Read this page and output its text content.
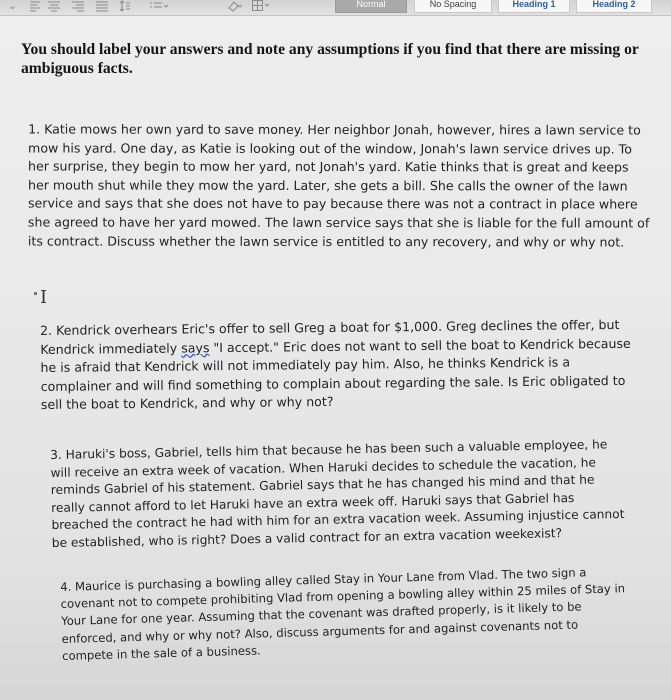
⌄	Normal	No Spacing	Heading 1	Heading 2

You should label your answers and note any assumptions if you find that there are missing or ambiguous facts.

1. Katie mows her own yard to save money. Her neighbor Jonah, however, hires a lawn service to mow his yard. One day, as Katie is looking out of the window, Jonah's lawn service drives up. To her surprise, they begin to mow her yard, not Jonah's yard. Katie thinks that is great and keeps her mouth shut while they mow the yard. Later, she gets a bill. She calls the owner of the lawn service and says that she does not have to pay because there was not a contract in place where she agreed to have her yard mowed. The lawn service says that she is liable for the full amount of its contract. Discuss whether the lawn service is entitled to any recovery, and why or why not.

I

2. Kendrick overhears Eric's offer to sell Greg a boat for $1,000. Greg declines the offer, but Kendrick immediately says "I accept." Eric does not want to sell the boat to Kendrick because he is afraid that Kendrick will not immediately pay him. Also, he thinks Kendrick is a complainer and will find something to complain about regarding the sale. Is Eric obligated to sell the boat to Kendrick, and why or why not?

3. Haruki's boss, Gabriel, tells him that because he has been such a valuable employee, he will receive an extra week of vacation. When Haruki decides to schedule the vacation, he reminds Gabriel of his statement. Gabriel says that he has changed his mind and that he really cannot afford to let Haruki have an extra week off. Haruki says that Gabriel has breached the contract he had with him for an extra vacation week. Assuming injustice cannot be established, who is right? Does a valid contract for an extra vacation weekexist?

4. Maurice is purchasing a bowling alley called Stay in Your Lane from Vlad. The two sign a covenant not to compete prohibiting Vlad from opening a bowling alley within 25 miles of Stay in Your Lane for one year. Assuming that the covenant was drafted properly, is it likely to be enforced, and why or why not? Also, discuss arguments for and against covenants not to compete in the sale of a business.
